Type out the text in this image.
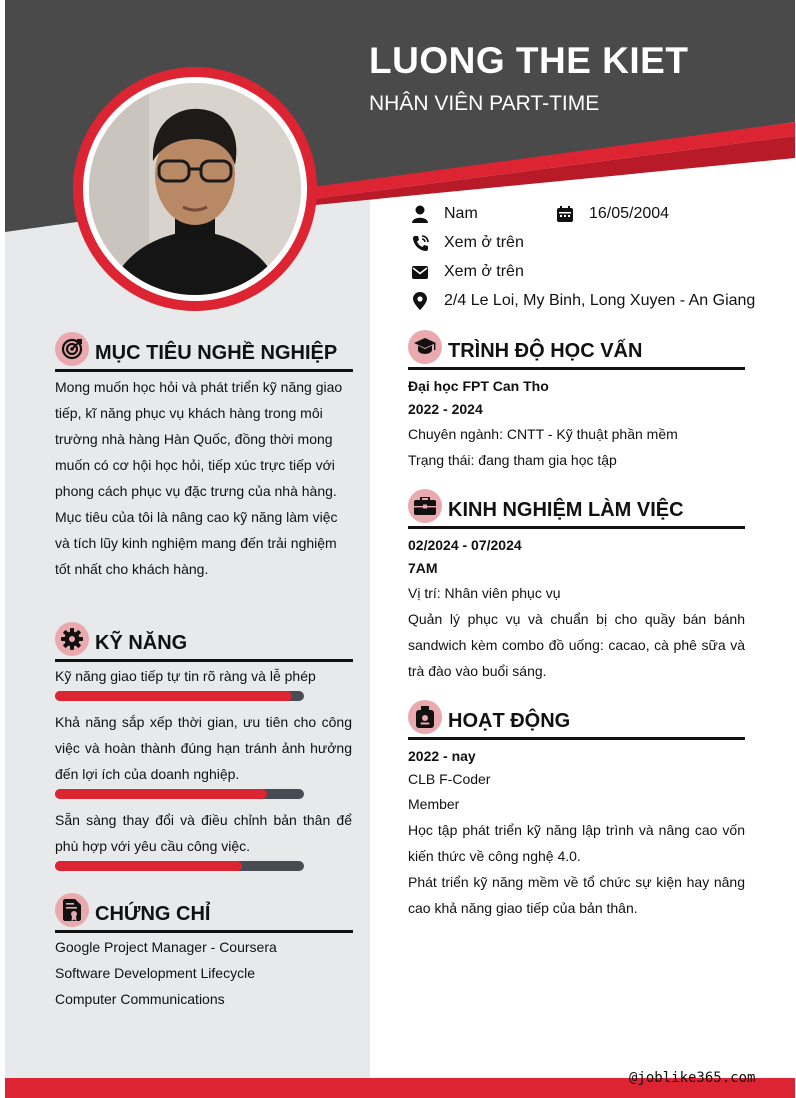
LUONG THE KIET
NHÂN VIÊN PART-TIME
Nam	16/05/2004
Xem ở trên
Xem ở trên
2/4 Le Loi, My Binh, Long Xuyen - An Giang
MỤC TIÊU NGHỀ NGHIỆP
Mong muốn học hỏi và phát triển kỹ năng giao
tiếp, kĩ năng phục vụ khách hàng trong môi
trường nhà hàng Hàn Quốc, đồng thời mong
muốn có cơ hội học hỏi, tiếp xúc trực tiếp với
phong cách phục vụ đặc trưng của nhà hàng.
Mục tiêu của tôi là nâng cao kỹ năng làm việc
và tích lũy kinh nghiệm mang đến trải nghiệm
tốt nhất cho khách hàng.
KỸ NĂNG
Kỹ năng giao tiếp tự tin rõ ràng và lễ phép
Khả năng sắp xếp thời gian, ưu tiên cho công việc và hoàn thành đúng hạn tránh ảnh hưởng đến lợi ích của doanh nghiệp.
Sẵn sàng thay đổi và điều chỉnh bản thân để phù hợp với yêu cầu công việc.
CHỨNG CHỈ
Google Project Manager - Coursera
Software Development Lifecycle
Computer Communications
TRÌNH ĐỘ HỌC VẤN
Đại học FPT Can Tho
2022 - 2024
Chuyên ngành: CNTT - Kỹ thuật phần mềm
Trạng thái: đang tham gia học tập
KINH NGHIỆM LÀM VIỆC
02/2024 - 07/2024
7AM
Vị trí: Nhân viên phục vụ
Quản lý phục vụ và chuẩn bị cho quầy bán bánh sandwich kèm combo đồ uống: cacao, cà phê sữa và trà đào vào buổi sáng.
HOẠT ĐỘNG
2022 - nay
CLB F-Coder
Member
Học tập phát triển kỹ năng lập trình và nâng cao vốn kiến thức về công nghệ 4.0.
Phát triển kỹ năng mềm về tổ chức sự kiện hay nâng cao khả năng giao tiếp của bản thân.
@joblike365.com
